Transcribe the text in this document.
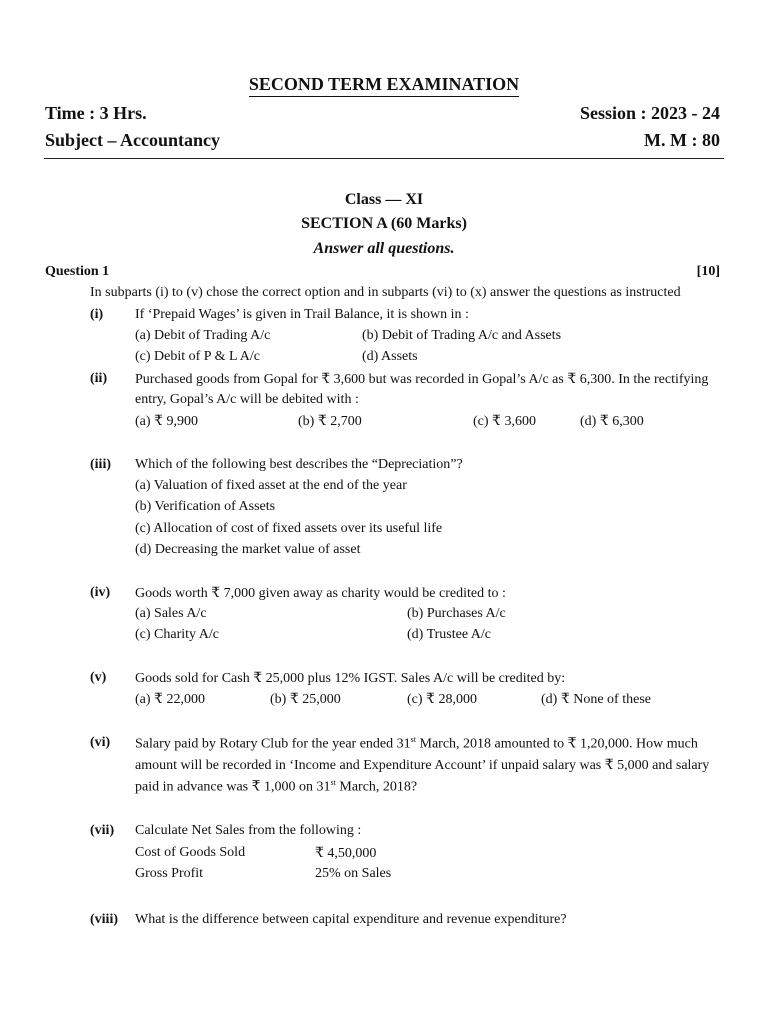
SECOND TERM EXAMINATION
Time : 3 Hrs.	Session : 2023 - 24
Subject – Accountancy	M. M : 80
Class — XI
SECTION A (60 Marks)
Answer all questions.
Question 1	[10]
In subparts (i) to (v) chose the correct option and in subparts (vi) to (x) answer the questions as instructed
(i) If ‘Prepaid Wages’ is given in Trail Balance, it is shown in :
(a) Debit of Trading A/c	(b) Debit of Trading A/c and Assets
(c) Debit of P & L A/c	(d) Assets
(ii) Purchased goods from Gopal for ₹ 3,600 but was recorded in Gopal’s A/c as ₹ 6,300. In the rectifying
entry, Gopal’s A/c will be debited with :
(a) ₹ 9,900	(b) ₹ 2,700	(c) ₹ 3,600	(d) ₹ 6,300
(iii) Which of the following best describes the “Depreciation”?
(a) Valuation of fixed asset at the end of the year
(b) Verification of Assets
(c) Allocation of cost of fixed assets over its useful life
(d) Decreasing the market value of asset
(iv) Goods worth ₹ 7,000 given away as charity would be credited to :
(a) Sales A/c	(b) Purchases A/c
(c) Charity A/c	(d) Trustee A/c
(v) Goods sold for Cash ₹ 25,000 plus 12% IGST. Sales A/c will be credited by:
(a) ₹ 22,000	(b) ₹ 25,000	(c) ₹ 28,000	(d) ₹ None of these
(vi) Salary paid by Rotary Club for the year ended 31st March, 2018 amounted to ₹ 1,20,000. How much
amount will be recorded in ‘Income and Expenditure Account’ if unpaid salary was ₹ 5,000 and salary
paid in advance was ₹ 1,000 on 31st March, 2018?
(vii) Calculate Net Sales from the following :
Cost of Goods Sold	₹ 4,50,000
Gross Profit	25% on Sales
(viii) What is the difference between capital expenditure and revenue expenditure?
